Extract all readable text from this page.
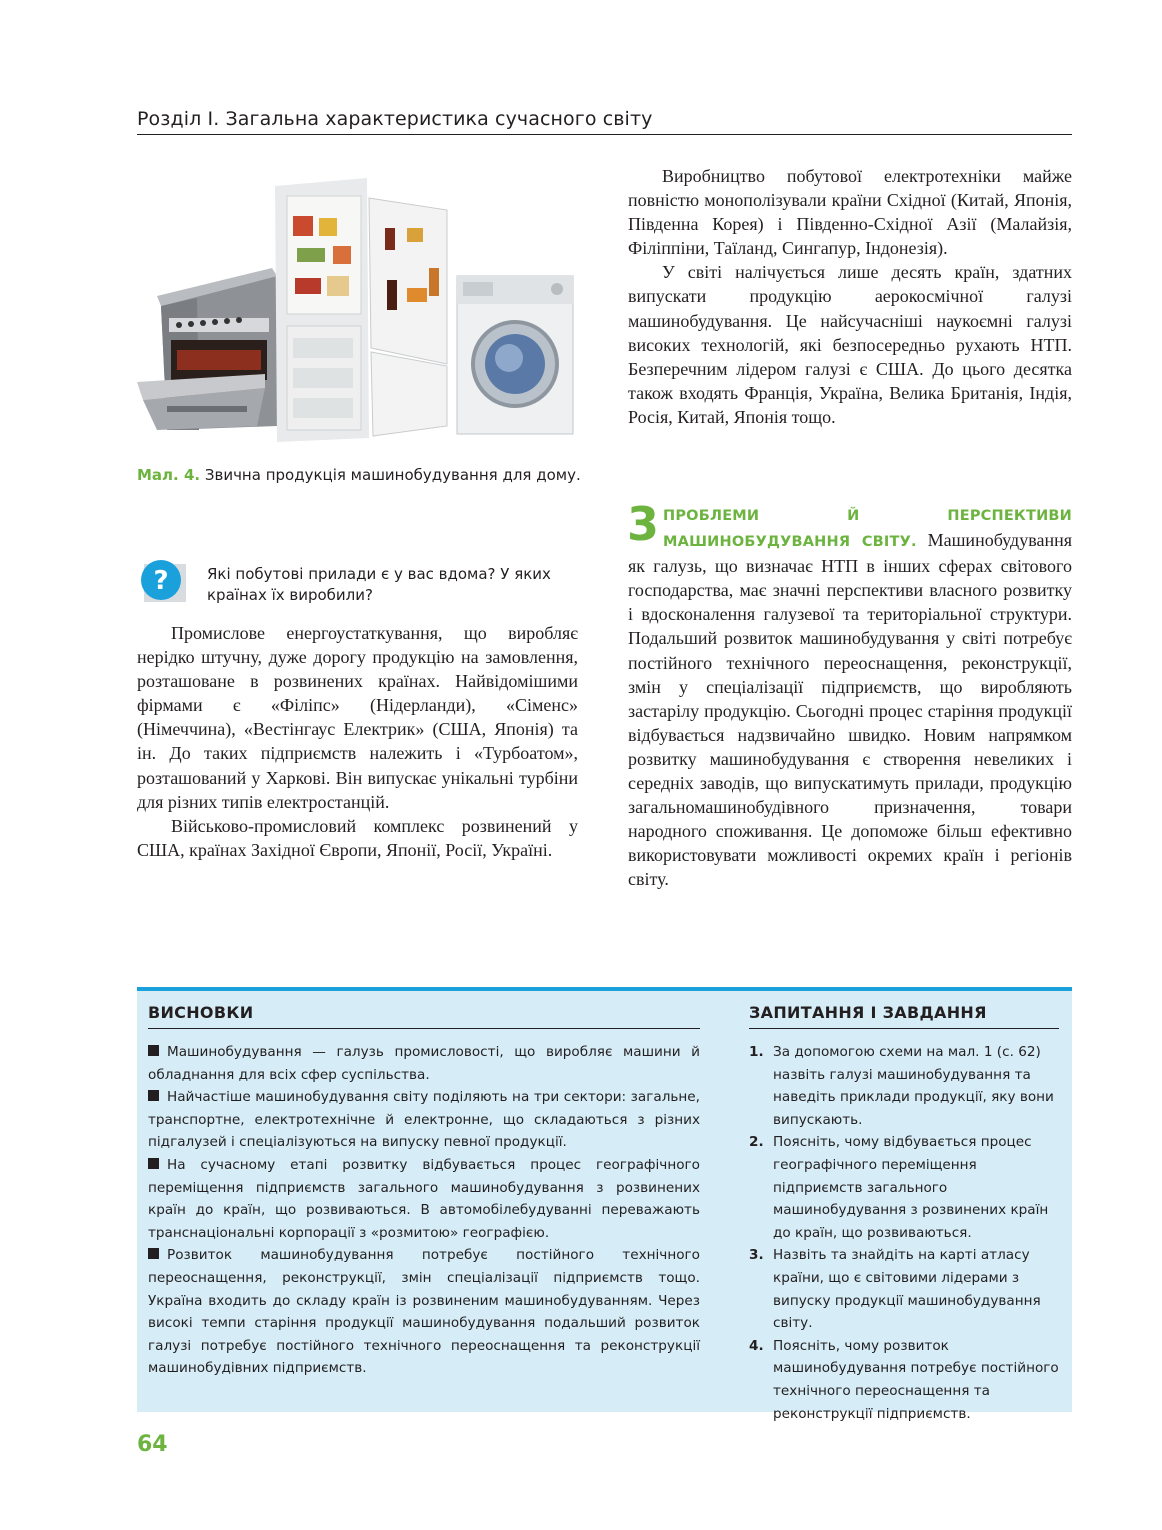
Розділ І. Загальна характеристика сучасного світу
Мал. 4. Звична продукція машинобудування для дому.
?	Які побутові прилади є у вас вдома? У яких країнах їх виробили?

Промислове енергоустаткування, що виробляє нерідко штучну, дуже дорогу продукцію на замовлення, розташоване в розвинених країнах. Найвідомішими фірмами є «Філіпс» (Нідерланди), «Сіменс» (Німеччина), «Вестінгаус Електрик» (США, Японія) та ін. До таких підприємств належить і «Турбоатом», розташований у Харкові. Він випускає унікальні турбіни для різних типів електростанцій.

Військово-промисловий комплекс розвинений у США, країнах Західної Європи, Японії, Росії, Україні.

Виробництво побутової електротехніки майже повністю монополізували країни Східної (Китай, Японія, Південна Корея) і Південно-Східної Азії (Малайзія, Філіппіни, Таїланд, Сингапур, Індонезія).

У світі налічується лише десять країн, здатних випускати продукцію аерокосмічної галузі машинобудування. Це найсучасніші наукоємні галузі високих технологій, які безпосередньо рухають НТП. Безперечним лідером галузі є США. До цього десятка також входять Франція, Україна, Велика Британія, Індія, Росія, Китай, Японія тощо.

3 ПРОБЛЕМИ Й ПЕРСПЕКТИВИ МАШИНОБУДУВАННЯ СВІТУ. Машинобудування як галузь, що визначає НТП в інших сферах світового господарства, має значні перспективи власного розвитку і вдосконалення галузевої та територіальної структури. Подальший розвиток машинобудування у світі потребує постійного технічного переоснащення, реконструкції, змін у спеціалізації підприємств, що виробляють застарілу продукцію. Сьогодні процес старіння продукції відбувається надзвичайно швидко. Новим напрямком розвитку машинобудування є створення невеликих і середніх заводів, що випускатимуть прилади, продукцію загальномашинобудівного призначення, товари народного споживання. Це допоможе більш ефективно використовувати можливості окремих країн і регіонів світу.
ВИСНОВКИ

Машинобудування — галузь промисловості, що виробляє машини й обладнання для всіх сфер суспільства.

Найчастіше машинобудування світу поділяють на три сектори: загальне, транспортне, електротехнічне й електронне, що складаються з різних підгалузей і спеціалізуються на випуску певної продукції.

На сучасному етапі розвитку відбувається процес географічного переміщення підприємств загального машинобудування з розвинених країн до країн, що розвиваються. В автомобілебудуванні переважають транснаціональні корпорації з «розмитою» географією.

Розвиток машинобудування потребує постійного технічного переоснащення, реконструкції, змін спеціалізації підприємств тощо. Україна входить до складу країн із розвиненим машинобудуванням. Через високі темпи старіння продукції машинобудування подальший розвиток галузі потребує постійного технічного переоснащення та реконструкції машинобудівних підприємств.

ЗАПИТАННЯ І ЗАВДАННЯ
1. За допомогою схеми на мал. 1 (с. 62) назвіть галузі машинобудування та наведіть приклади продукції, яку вони випускають.
2. Поясніть, чому відбувається процес географічного переміщення підприємств загального машинобудування з розвинених країн до країн, що розвиваються.
3. Назвіть та знайдіть на карті атласу країни, що є світовими лідерами з випуску продукції машинобудування світу.
4. Поясніть, чому розвиток машинобудування потребує постійного технічного переоснащення та реконструкції підприємств.
64
